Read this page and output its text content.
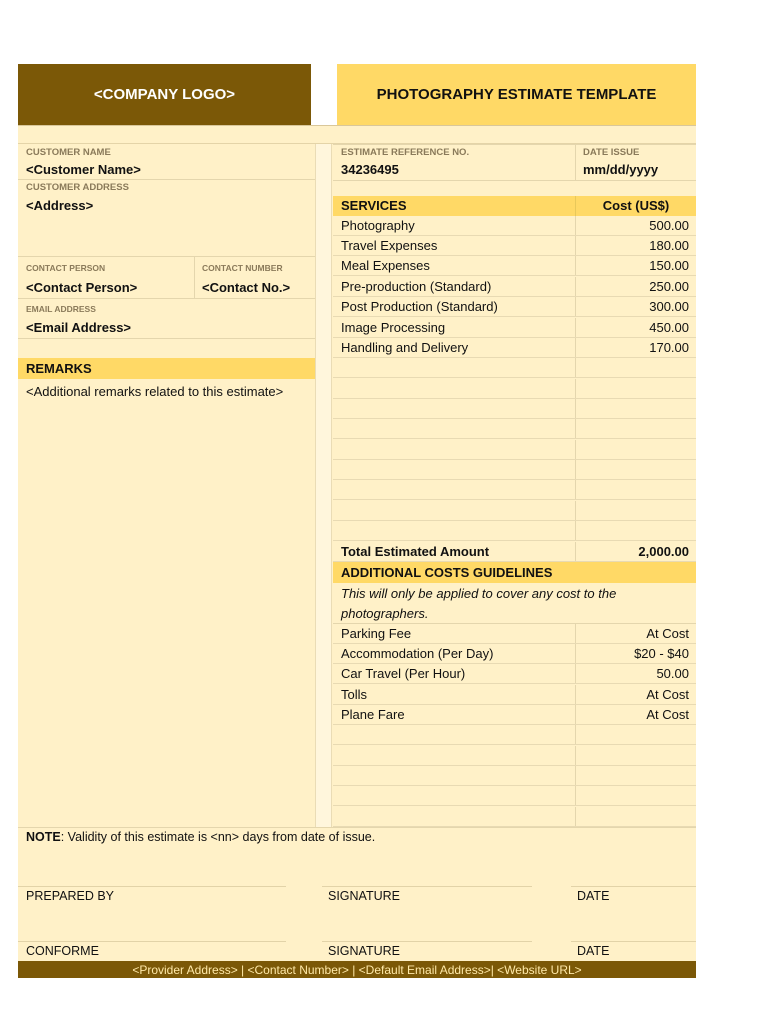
<COMPANY LOGO>	PHOTOGRAPHY ESTIMATE TEMPLATE
CUSTOMER NAME
<Customer Name>
CUSTOMER ADDRESS
<Address>
CONTACT PERSON	CONTACT NUMBER
<Contact Person>	<Contact No.>
EMAIL ADDRESS
<Email Address>
REMARKS
<Additional remarks related to this estimate>
ESTIMATE REFERENCE NO.	DATE ISSUE
34236495	mm/dd/yyyy
SERVICES	Cost (US$)
Photography	500.00
Travel Expenses	180.00
Meal Expenses	150.00
Pre-production (Standard)	250.00
Post Production (Standard)	300.00
Image Processing	450.00
Handling and Delivery	170.00
Total Estimated Amount	2,000.00
ADDITIONAL COSTS GUIDELINES
This will only be applied to cover any cost to the photographers.
Parking Fee	At Cost
Accommodation (Per Day)	$20 - $40
Car Travel (Per Hour)	50.00
Tolls	At Cost
Plane Fare	At Cost
NOTE: Validity of this estimate is <nn> days from date of issue.
PREPARED BY	SIGNATURE	DATE
CONFORME	SIGNATURE	DATE
<Provider Address> | <Contact Number> | <Default Email Address>| <Website URL>
